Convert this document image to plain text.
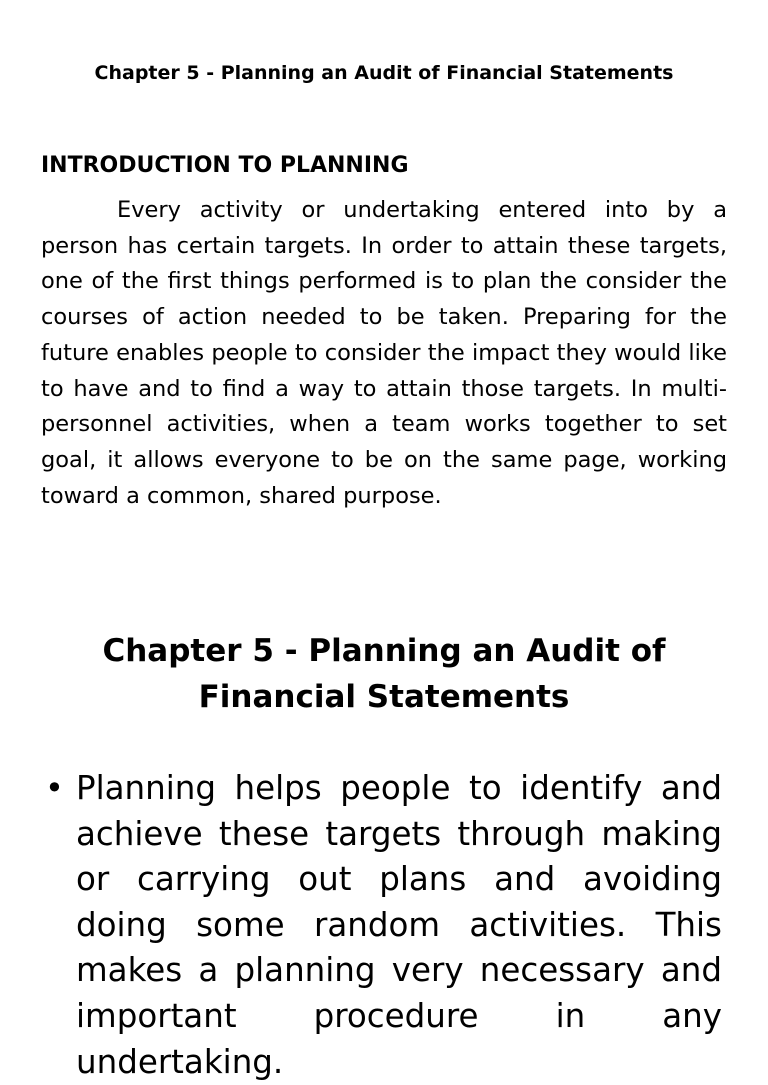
Chapter 5 - Planning an Audit of Financial Statements

INTRODUCTION TO PLANNING

Every activity or undertaking entered into by a person has certain targets. In order to attain these targets, one of the first things performed is to plan the consider the courses of action needed to be taken. Preparing for the future enables people to consider the impact they would like to have and to find a way to attain those targets. In multi-personnel activities, when a team works together to set goal, it allows everyone to be on the same page, working toward a common, shared purpose.

Chapter 5 - Planning an Audit of Financial Statements
• Planning helps people to identify and achieve these targets through making or carrying out plans and avoiding doing some random activities. This makes a planning very necessary and important procedure in any undertaking.
